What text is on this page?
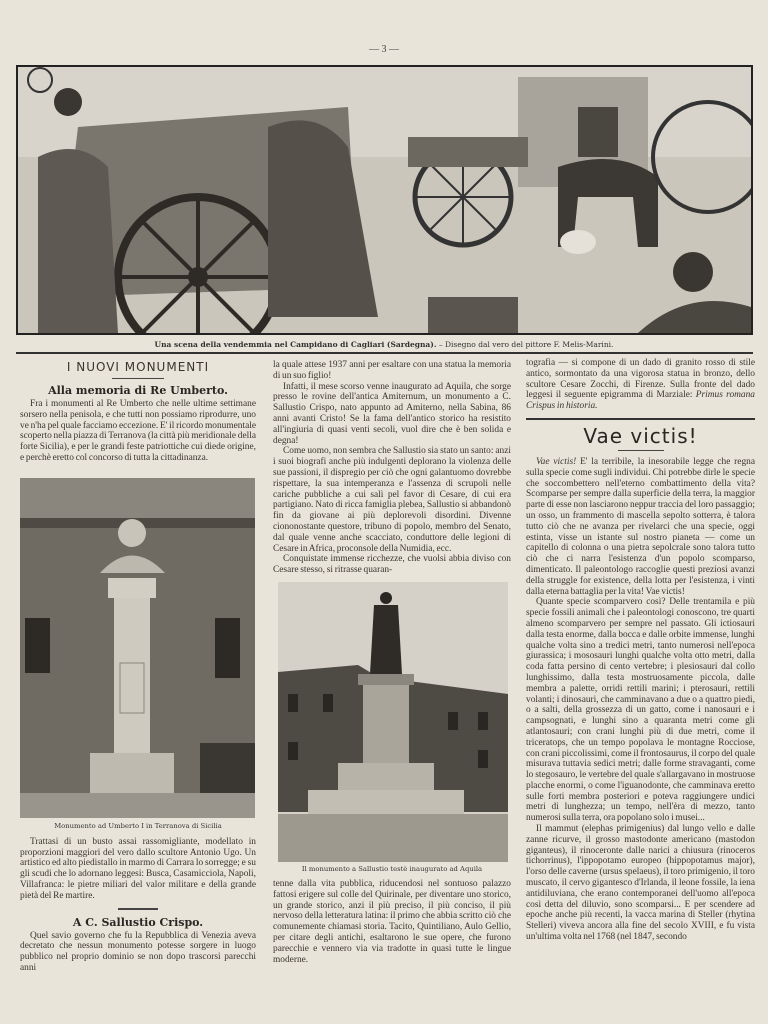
— 3 —
Una scena della vendemmia nel Campidano di Cagliari (Sardegna). – Disegno dal vero del pittore F. Melis-Marini.
I NUOVI MONUMENTI
Alla memoria di Re Umberto.

Fra i monumenti al Re Umberto che nelle ultime settimane sorsero nella penisola, e che tutti non possiamo riprodurre, uno ve n'ha pel quale facciamo eccezione. E' il ricordo monumentale scoperto nella piazza di Terranova (la città più meridionale della forte Sicilia), e per le grandi feste patriottiche cui diede origine, e perchè eretto col concorso di tutta la cittadinanza.

Monumento ad Umberto I in Terranova di Sicilia

Trattasi di un busto assai rassomigliante, modellato in proporzioni maggiori del vero dallo scultore Antonio Ugo. Un artistico ed alto piedistallo in marmo di Carrara lo sorregge; e su gli scudi che lo adornano leggesi: Busca, Casamicciola, Napoli, Villafranca: le pietre miliari del valor militare e della grande pietà del Re martire.

A C. Sallustio Crispo.

Quel savio governo che fu la Repubblica di Venezia aveva decretato che nessun monumento potesse sorgere in luogo pubblico nel proprio dominio se non dopo trascorsi parecchi anni

la quale attese 1937 anni per esaltare con una statua la memoria di un suo figlio!

Infatti, il mese scorso venne inaugurato ad Aquila, che sorge presso le rovine dell'antica Amiternum, un monumento a C. Sallustio Crispo, nato appunto ad Amiterno, nella Sabina, 86 anni avanti Cristo! Se la fama dell'antico storico ha resistito all'ingiuria di quasi venti secoli, vuol dire che è ben solida e degna!

Come uomo, non sembra che Sallustio sia stato un santo: anzi i suoi biografi anche più indulgenti deplorano la violenza delle sue passioni, il dispregio per ciò che ogni galantuomo dovrebbe rispettare, la sua intemperanza e l'assenza di scrupoli nelle cariche pubbliche a cui salì pel favor di Cesare, di cui era partigiano. Nato di ricca famiglia plebea, Sallustio si abbandonò fin da giovane ai più deplorevoli disordini. Divenne ciononostante questore, tribuno di popolo, membro del Senato, dal quale venne anche scacciato, conduttore delle legioni di Cesare in Africa, proconsole della Numidia, ecc.

Conquistate immense ricchezze, che vuolsi abbia diviso con Cesare stesso, si ritrasse quaran-

Il monumento a Sallustio testè inaugurato ad Aquila

tenne dalla vita pubblica, riducendosi nel sontuoso palazzo fattosi erigere sul colle del Quirinale, per diventare uno storico, un grande storico, anzi il più preciso, il più conciso, il più nervoso della letteratura latina: il primo che abbia scritto ciò che comunemente chiamasi storia. Tacito, Quintiliano, Aulo Gellio, per citare degli antichi, esaltarono le sue opere, che furono parecchie e vennero via via tradotte in quasi tutte le lingue moderne.

tografia — si compone di un dado di granito rosso di stile antico, sormontato da una vigorosa statua in bronzo, dello scultore Cesare Zocchi, di Firenze. Sulla fronte del dado leggesi il seguente epigramma di Marziale: Primus romana Crispus in historia.

Vae victis!

Vae victis! E' la terribile, la inesorabile legge che regna sulla specie come sugli individui. Chi potrebbe dirle le specie che soccombettero nell'eterno combattimento della vita? Scomparse per sempre dalla superficie della terra, la maggior parte di esse non lasciarono neppur traccia del loro passaggio; un osso, un frammento di mascella sepolto sotterra, è talora tutto ciò che ne avanza per rivelarci che una specie, oggi estinta, visse un istante sul nostro pianeta — come un capitello di colonna o una pietra sepolcrale sono talora tutto ciò che ci narra l'esistenza d'un popolo scomparso, dimenticato. Il paleontologo raccoglie questi preziosi avanzi della struggle for existence, della lotta per l'esistenza, i vinti dalla eterna battaglia per la vita! Vae victis!

Quante specie scomparvero così? Delle trentamila e più specie fossili animali che i paleontologi conoscono, tre quarti almeno scomparvero per sempre nel passato. Gli ictiosauri dalla testa enorme, dalla bocca e dalle orbite immense, lunghi qualche volta sino a tredici metri, tanto numerosi nell'epoca giurassica; i mososauri lunghi qualche volta otto metri, dalla coda fatta persino di cento vertebre; i plesiosauri dal collo lunghissimo, dalla testa mostruosamente piccola, dalle membra a palette, orridi rettili marini; i pterosauri, rettili volanti; i dinosauri, che camminavano a due o a quattro piedi, o a salti, della grossezza di un gatto, come i nanosauri e i campsognati, e lunghi sino a quaranta metri come gli atlantosauri; con crani lunghi più di due metri, come il triceratops, che un tempo popolava le montagne Rocciose, con crani piccolissimi, come il frontosaurus, il corpo del quale misurava tuttavia sedici metri; dalle forme stravaganti, come lo stegosauro, le vertebre del quale s'allargavano in mostruose placche enormi, o come l'iguanodonte, che camminava eretto sulle forti membra posteriori e poteva raggiungere undici metri di lunghezza; un tempo, nell'èra di mezzo, tanto numerosi sulla terra, ora popolano solo i musei...

Il mammut (elephas primigenius) dal lungo vello e dalle zanne ricurve, il grosso mastodonte americano (mastodon giganteus), il rinoceronte dalle narici a chiusura (rinoceros tichorrinus), l'ippopotamo europeo (hippopotamus major), l'orso delle caverne (ursus spelaeus), il toro primigenio, il toro muscato, il cervo gigantesco d'Irlanda, il leone fossile, la iena antidiluviana, che erano contemporanei dell'uomo all'epoca così detta del diluvio, sono scomparsi... E per scendere ad epoche anche più recenti, la vacca marina di Steller (rhytina Stelleri) viveva ancora alla fine del secolo XVIII, e fu vista un'ultima volta nel 1768 (nel 1847, secondo
